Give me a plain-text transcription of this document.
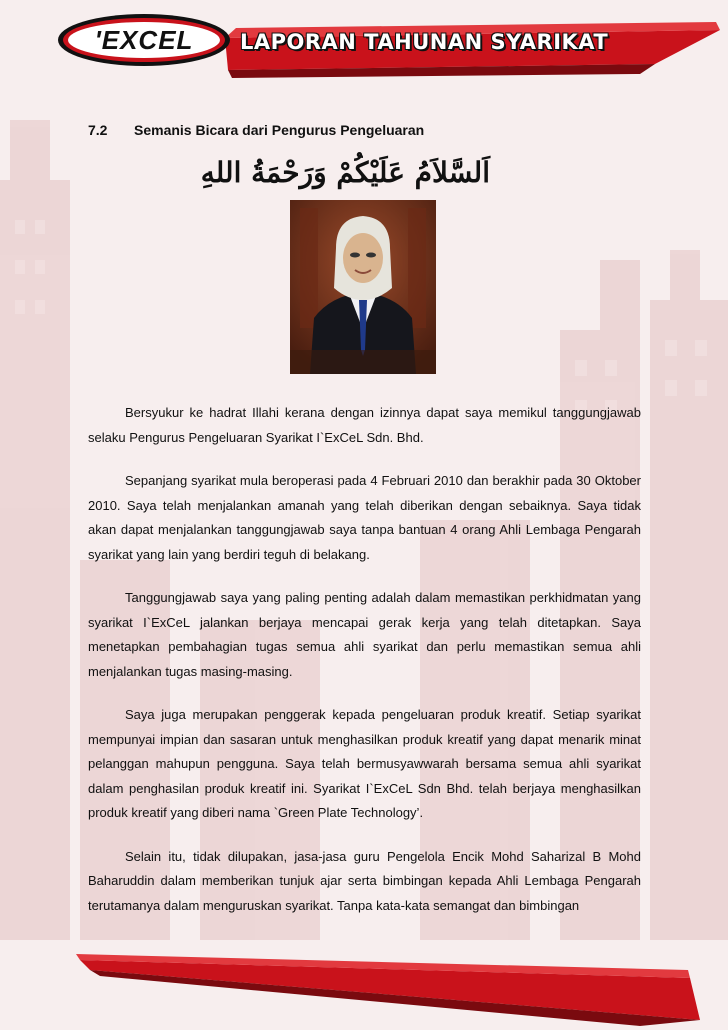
'EXCEL	LAPORAN TAHUNAN SYARIKAT
7.2 Semanis Bicara dari Pengurus Pengeluaran
اَلسَّلاَمُ عَلَيْكُمْ وَرَحْمَةُ اللهِ

Bersyukur ke hadrat Illahi kerana dengan izinnya dapat saya memikul tanggungjawab selaku Pengurus Pengeluaran Syarikat I`ExCeL Sdn. Bhd.

Sepanjang syarikat mula beroperasi pada 4 Februari 2010 dan berakhir pada 30 Oktober 2010. Saya telah menjalankan amanah yang telah diberikan dengan sebaiknya. Saya tidak akan dapat menjalankan tanggungjawab saya tanpa bantuan 4 orang Ahli Lembaga Pengarah syarikat yang lain yang berdiri teguh di belakang.

Tanggungjawab saya yang paling penting adalah dalam memastikan perkhidmatan yang syarikat I`ExCeL jalankan berjaya mencapai gerak kerja yang telah ditetapkan. Saya menetapkan pembahagian tugas semua ahli syarikat dan perlu memastikan semua ahli menjalankan tugas masing-masing.

Saya juga merupakan penggerak kepada pengeluaran produk kreatif. Setiap syarikat mempunyai impian dan sasaran untuk menghasilkan produk kreatif yang dapat menarik minat pelanggan mahupun pengguna. Saya telah bermusyawwarah bersama semua ahli syarikat dalam penghasilan produk kreatif ini. Syarikat I`ExCeL Sdn Bhd. telah berjaya menghasilkan produk kreatif yang diberi nama `Green Plate Technology’.

Selain itu, tidak dilupakan, jasa-jasa guru Pengelola Encik Mohd Saharizal B Mohd Baharuddin dalam memberikan tunjuk ajar serta bimbingan kepada Ahli Lembaga Pengarah terutamanya dalam menguruskan syarikat. Tanpa kata-kata semangat dan bimbingan
